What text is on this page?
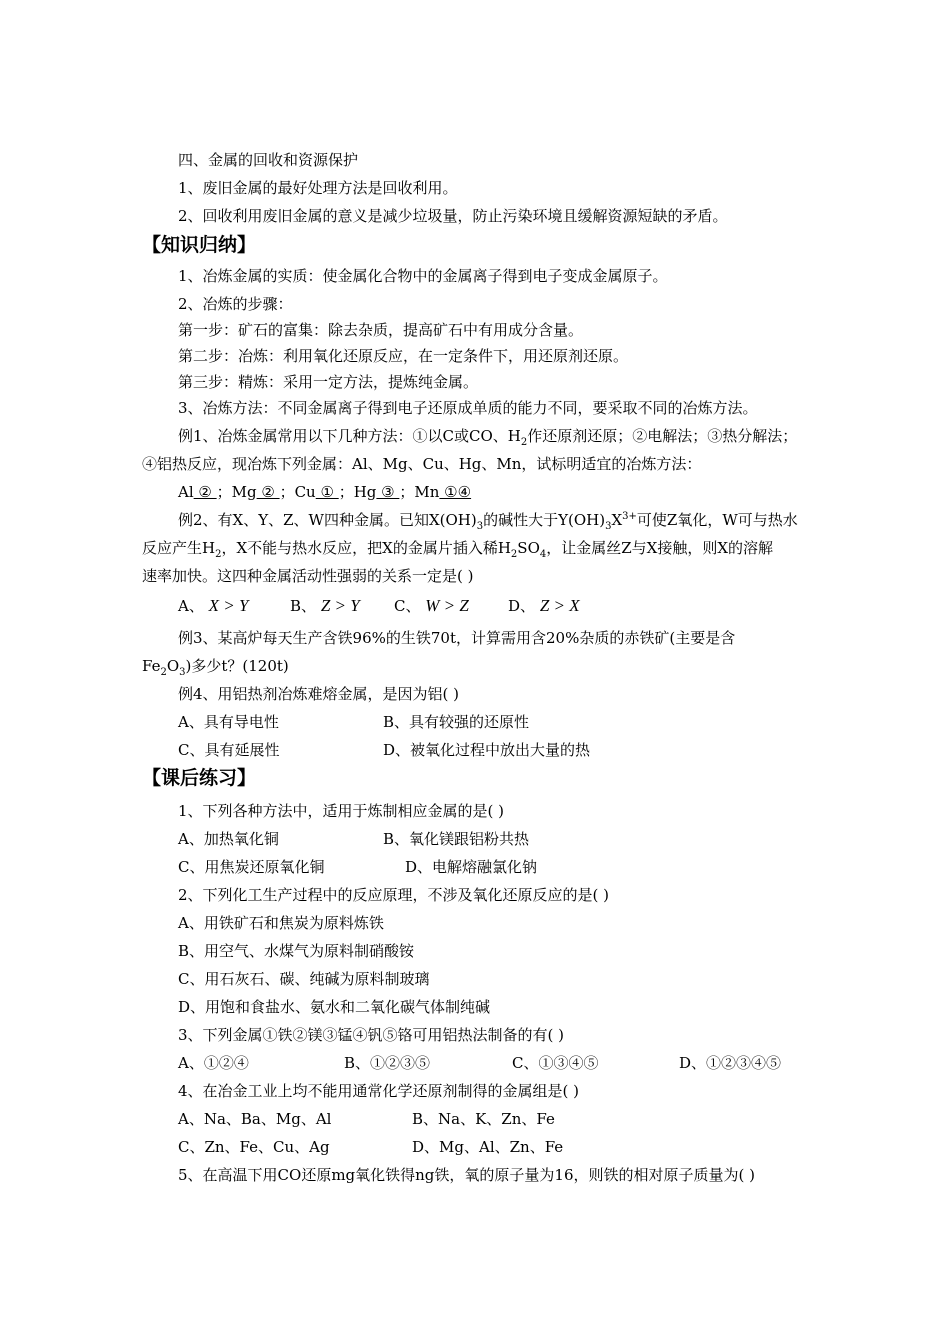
四、金属的回收和资源保护
1、废旧金属的最好处理方法是回收利用。
2、回收利用废旧金属的意义是减少垃圾量，防止污染环境且缓解资源短缺的矛盾。
【知识归纳】
1、冶炼金属的实质：使金属化合物中的金属离子得到电子变成金属原子。
2、冶炼的步骤：
第一步：矿石的富集：除去杂质，提高矿石中有用成分含量。
第二步：冶炼：利用氧化还原反应，在一定条件下，用还原剂还原。
第三步：精炼：采用一定方法，提炼纯金属。
3、冶炼方法：不同金属离子得到电子还原成单质的能力不同，要采取不同的冶炼方法。
例1、冶炼金属常用以下几种方法：①以C或CO、$H_2$作还原剂还原；②电解法；③热分解法；
④铝热反应，现冶炼下列金属：Al、Mg、Cu、Hg、Mn，试标明适宜的冶炼方法：
Al ② ；Mg ② ；Cu ① ；Hg ③ ；Mn ①④
例2、有X、Y、Z、W四种金属。已知$X(OH)_3$的碱性大于$Y(OH)_3X^{3+}$可使Z氧化，W可与热水
反应产生$H_2$，X不能与热水反应，把X的金属片插入稀$H_2SO_4$，让金属丝Z与X接触，则X的溶解
速率加快。这四种金属活动性强弱的关系一定是( )
A、 X > Y	B、 Z > Y C、 W > Z	D、 Z > X
例3、某高炉每天生产含铁96%的生铁70t，计算需用含20%杂质的赤铁矿(主要是含
$Fe_2O_3$)多少t？(120t)
例4、用铝热剂冶炼难熔金属，是因为铝( )
A、具有导电性	B、具有较强的还原性
C、具有延展性	D、被氧化过程中放出大量的热
【课后练习】
1、下列各种方法中，适用于炼制相应金属的是( )
A、加热氧化铜	B、氧化镁跟铝粉共热
C、用焦炭还原氧化铜	D、电解熔融氯化钠
2、下列化工生产过程中的反应原理，不涉及氧化还原反应的是( )
A、用铁矿石和焦炭为原料炼铁
B、用空气、水煤气为原料制硝酸铵
C、用石灰石、碳、纯碱为原料制玻璃
D、用饱和食盐水、氨水和二氧化碳气体制纯碱
3、下列金属①铁②镁③锰④钒⑤铬可用铝热法制备的有( )
A、①②④	B、①②③⑤	C、①③④⑤	D、①②③④⑤
4、在冶金工业上均不能用通常化学还原剂制得的金属组是( )
A、Na、Ba、Mg、Al	B、Na、K、Zn、Fe
C、Zn、Fe、Cu、Ag	D、Mg、Al、Zn、Fe
5、在高温下用CO还原mg氧化铁得ng铁，氧的原子量为16，则铁的相对原子质量为( )
